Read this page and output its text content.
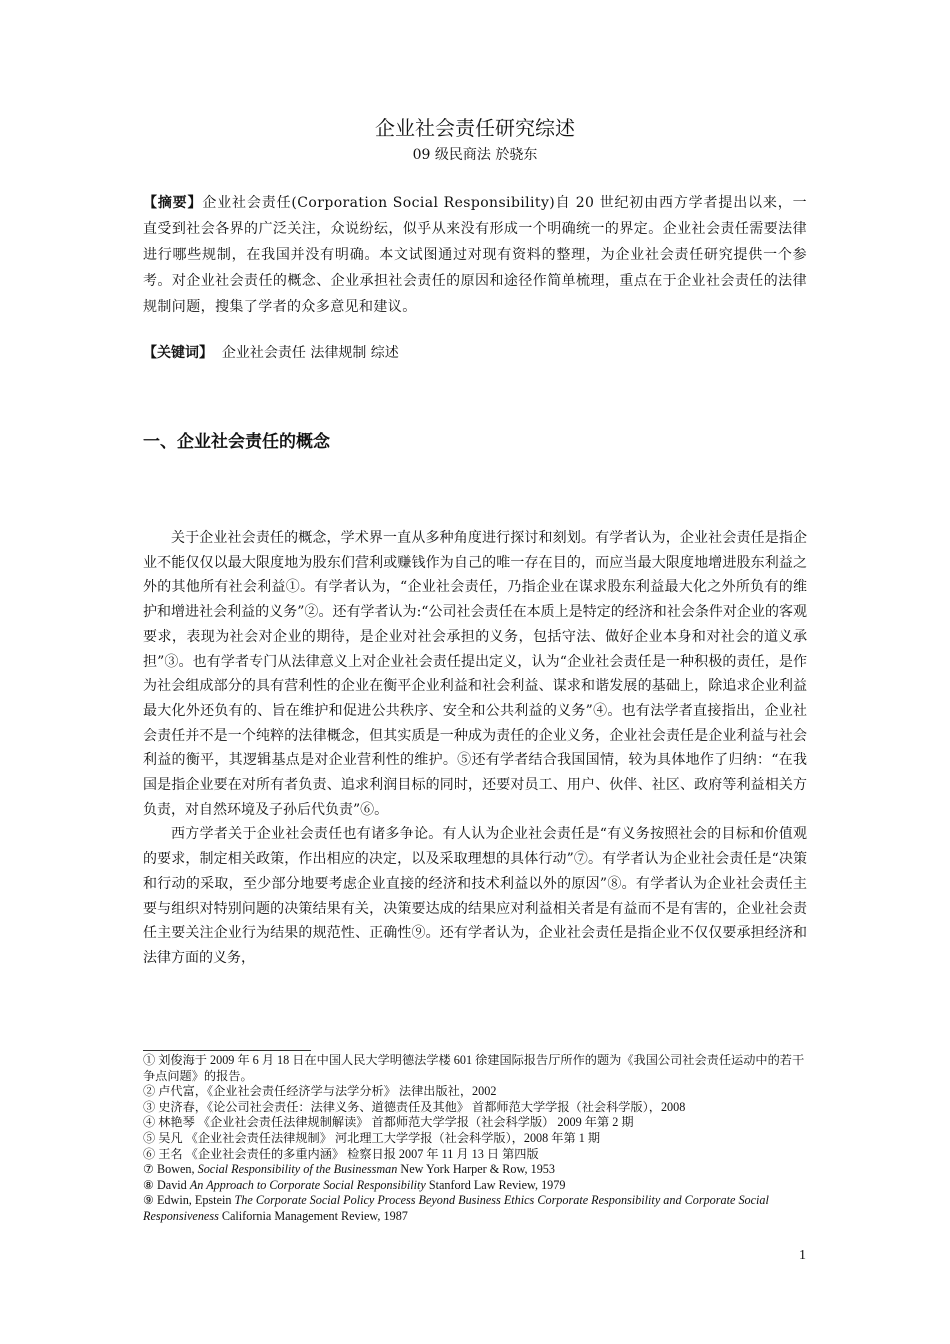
企业社会责任研究综述
09 级民商法 於骁东
【摘要】企业社会责任(Corporation Social Responsibility)自 20 世纪初由西方学者提出以来，一直受到社会各界的广泛关注，众说纷纭，似乎从来没有形成一个明确统一的界定。企业社会责任需要法律进行哪些规制，在我国并没有明确。本文试图通过对现有资料的整理，为企业社会责任研究提供一个参考。对企业社会责任的概念、企业承担社会责任的原因和途径作简单梳理，重点在于企业社会责任的法律规制问题，搜集了学者的众多意见和建议。
【关键词】 企业社会责任 法律规制 综述
一、企业社会责任的概念

关于企业社会责任的概念，学术界一直从多种角度进行探讨和刻划。有学者认为，企业社会责任是指企业不能仅仅以最大限度地为股东们营利或赚钱作为自己的唯一存在目的，而应当最大限度地增进股东利益之外的其他所有社会利益①。有学者认为，“企业社会责任，乃指企业在谋求股东利益最大化之外所负有的维护和增进社会利益的义务”②。还有学者认为:“公司社会责任在本质上是特定的经济和社会条件对企业的客观要求，表现为社会对企业的期待，是企业对社会承担的义务，包括守法、做好企业本身和对社会的道义承担”③。也有学者专门从法律意义上对企业社会责任提出定义，认为“企业社会责任是一种积极的责任，是作为社会组成部分的具有营利性的企业在衡平企业利益和社会利益、谋求和谐发展的基础上，除追求企业利益最大化外还负有的、旨在维护和促进公共秩序、安全和公共利益的义务”④。也有法学者直接指出，企业社会责任并不是一个纯粹的法律概念，但其实质是一种成为责任的企业义务，企业社会责任是企业利益与社会利益的衡平，其逻辑基点是对企业营利性的维护。⑤还有学者结合我国国情，较为具体地作了归纳：“在我国是指企业要在对所有者负责、追求利润目标的同时，还要对员工、用户、伙伴、社区、政府等利益相关方负责，对自然环境及子孙后代负责”⑥。

西方学者关于企业社会责任也有诸多争论。有人认为企业社会责任是“有义务按照社会的目标和价值观的要求，制定相关政策，作出相应的决定，以及采取理想的具体行动”⑦。有学者认为企业社会责任是“决策和行动的采取，至少部分地要考虑企业直接的经济和技术利益以外的原因”⑧。有学者认为企业社会责任主要与组织对特别问题的决策结果有关，决策要达成的结果应对利益相关者是有益而不是有害的，企业社会责任主要关注企业行为结果的规范性、正确性⑨。还有学者认为，企业社会责任是指企业不仅仅要承担经济和法律方面的义务，

① 刘俊海于 2009 年 6 月 18 日在中国人民大学明德法学楼 601 徐建国际报告厅所作的题为《我国公司社会责任运动中的若干争点问题》的报告。
② 卢代富，《企业社会责任经济学与法学分析》 法律出版社，2002
③ 史济春，《论公司社会责任：法律义务、道德责任及其他》 首都师范大学学报（社会科学版），2008
④ 林艳琴 《企业社会责任法律规制解读》 首都师范大学学报（社会科学版） 2009 年第 2 期
⑤ 吴凡 《企业社会责任法律规制》 河北理工大学学报（社会科学版），2008 年第 1 期
⑥ 王名 《企业社会责任的多重内涵》 检察日报 2007 年 11 月 13 日 第四版
⑦ Bowen, Social Responsibility of the Businessman New York Harper & Row, 1953
⑧ David An Approach to Corporate Social Responsibility Stanford Law Review, 1979
⑨ Edwin, Epstein The Corporate Social Policy Process Beyond Business Ethics Corporate Responsibility and Corporate Social Responsiveness California Management Review, 1987
1
